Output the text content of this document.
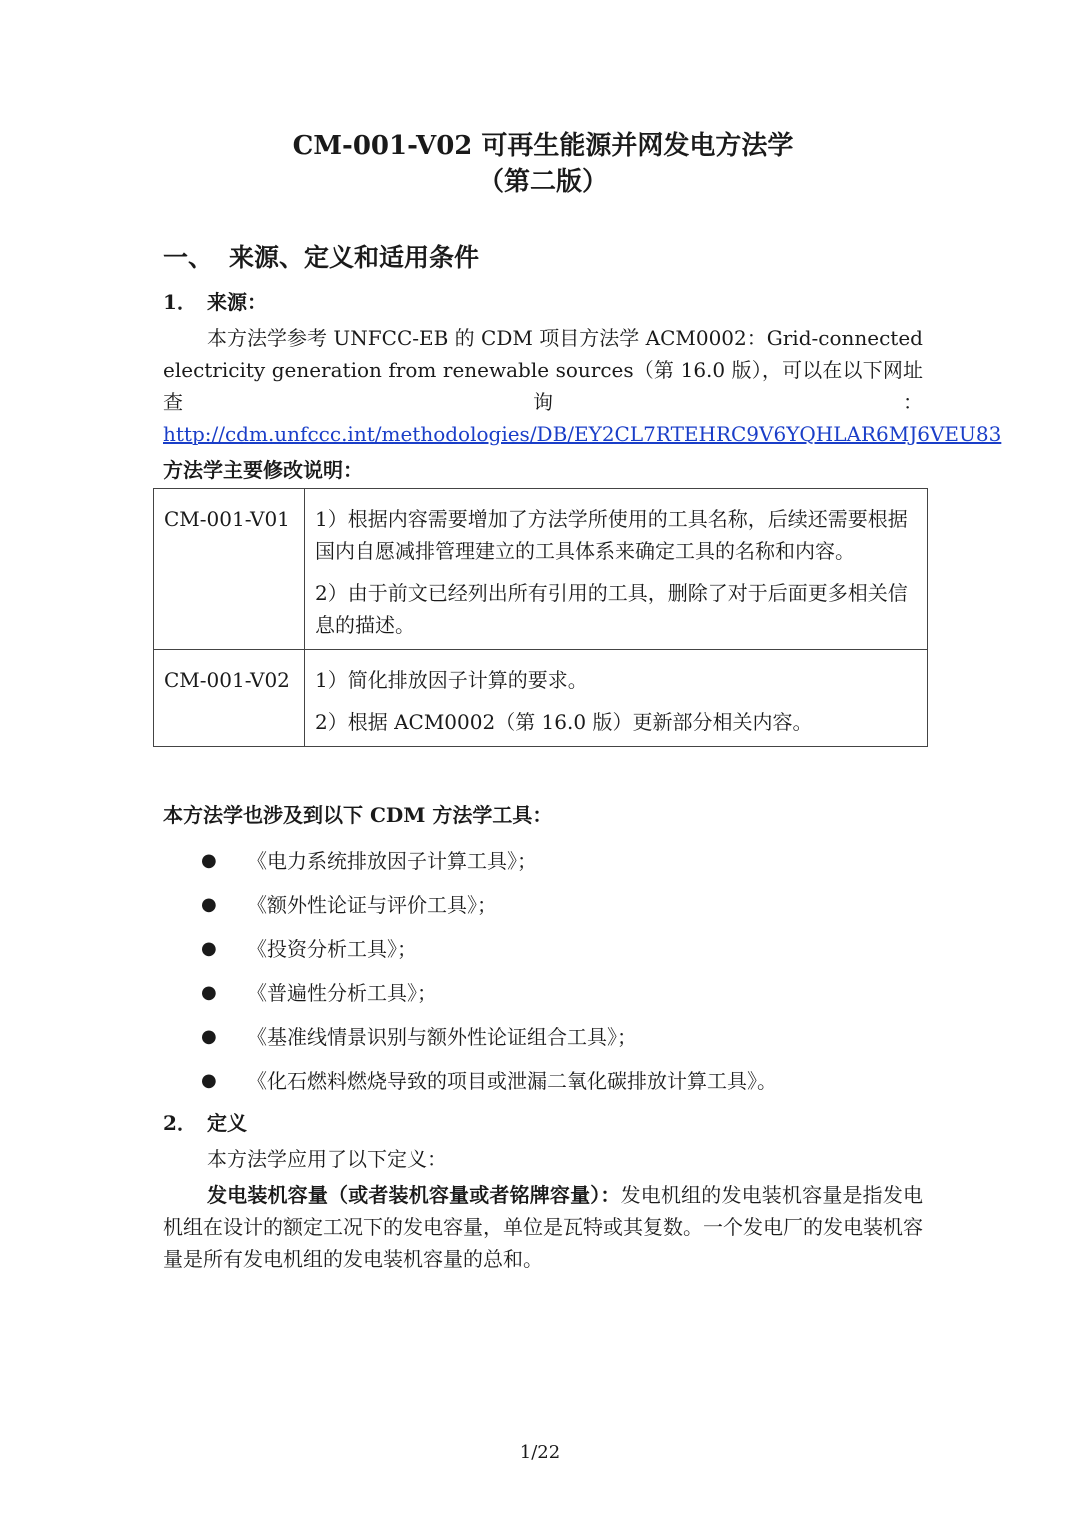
CM-001-V02 可再生能源并网发电方法学
（第二版）
一、 来源、定义和适用条件
1． 来源：

本方法学参考 UNFCC-EB 的 CDM 项目方法学 ACM0002：Grid-connected electricity generation from renewable sources（第 16.0 版），可以在以下网址查询：http://cdm.unfccc.int/methodologies/DB/EY2CL7RTEHRC9V6YQHLAR6MJ6VEU83

方法学主要修改说明：
CM-001-V01	1）根据内容需要增加了方法学所使用的工具名称，后续还需要根据国内自愿减排管理建立的工具体系来确定工具的名称和内容。

2）由于前文已经列出所有引用的工具，删除了对于后面更多相关信息的描述。

CM-001-V02	1）简化排放因子计算的要求。

2）根据 ACM0002（第 16.0 版）更新部分相关内容。

本方法学也涉及到以下 CDM 方法学工具：
●	《电力系统排放因子计算工具》；
●	《额外性论证与评价工具》；
●	《投资分析工具》；
●	《普遍性分析工具》；
●	《基准线情景识别与额外性论证组合工具》；
●	《化石燃料燃烧导致的项目或泄漏二氧化碳排放计算工具》。
2． 定义

本方法学应用了以下定义：

发电装机容量（或者装机容量或者铭牌容量）：发电机组的发电装机容量是指发电机组在设计的额定工况下的发电容量，单位是瓦特或其复数。一个发电厂的发电装机容量是所有发电机组的发电装机容量的总和。

1/22
